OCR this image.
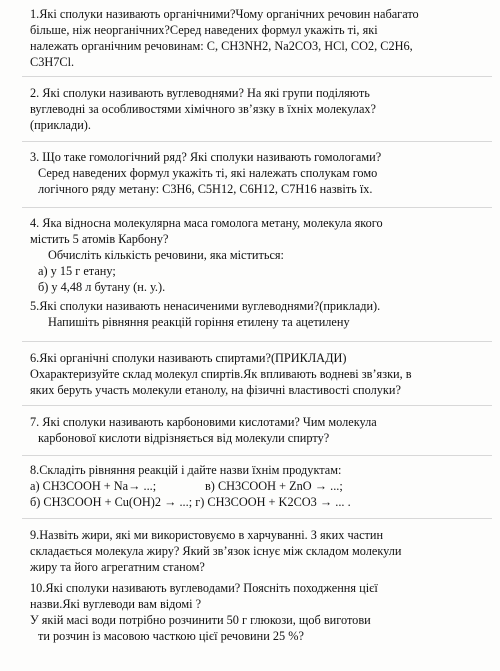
1.Які сполуки називають органічними?Чому органічних речовин набагато
більше, ніж неорганічних?Серед наведених формул укажіть ті, які
належать органічним речовинам: С, CH3NH2, Na2CO3, HCl, CO2, C2H6,
C3H7Cl.
2. Які сполуки називають вуглеводнями? На які групи поділяють
вуглеводні за особливостями хімічного зв’язку в їхніх молекулах?
(приклади).
3. Що таке гомологічний ряд? Які сполуки називають гомологами?
Серед наведених формул укажіть ті, які належать сполукам гомо
логічного ряду метану: C3H6, C5H12, C6H12, C7H16 назвіть їх.
4. Яка відносна молекулярна маса гомолога метану, молекула якого
містить 5 атомів Карбону?
Обчисліть кількість речовини, яка міститься:
а) у 15 г етану;
б) у 4,48 л бутану (н. у.).
5.Які сполуки називають ненасиченими вуглеводнями?(приклади).
Напишіть рівняння реакцій горіння етилену та ацетилену
6.Які органічні сполуки називають спиртами?(ПРИКЛАДИ)
Охарактеризуйте склад молекул спиртів.Як впливають водневі зв’язки, в
яких беруть участь молекули етанолу, на фізичні властивості сполуки?
7. Які сполуки називають карбоновими кислотами? Чим молекула
карбонової кислоти відрізняється від молекули спирту?
8.Складіть рівняння реакцій і дайте назви їхнім продуктам:
а) CH3COOH + Na→ ...;	в) CH3COOH + ZnO → ...;
б) CH3COOH + Cu(OH)2 → ...; г) CH3COOH + K2CO3 → ... .
9.Назвіть жири, які ми використовуємо в харчуванні. З яких частин
складається молекула жиру? Який зв’язок існує між складом молекули
жиру та його агрегатним станом?
10.Які сполуки називають вуглеводами? Поясніть походження цієї
назви.Які вуглеводи вам відомі ?
У якій масі води потрібно розчинити 50 г глюкози, щоб виготови
ти розчин із масовою часткою цієї речовини 25 %?
